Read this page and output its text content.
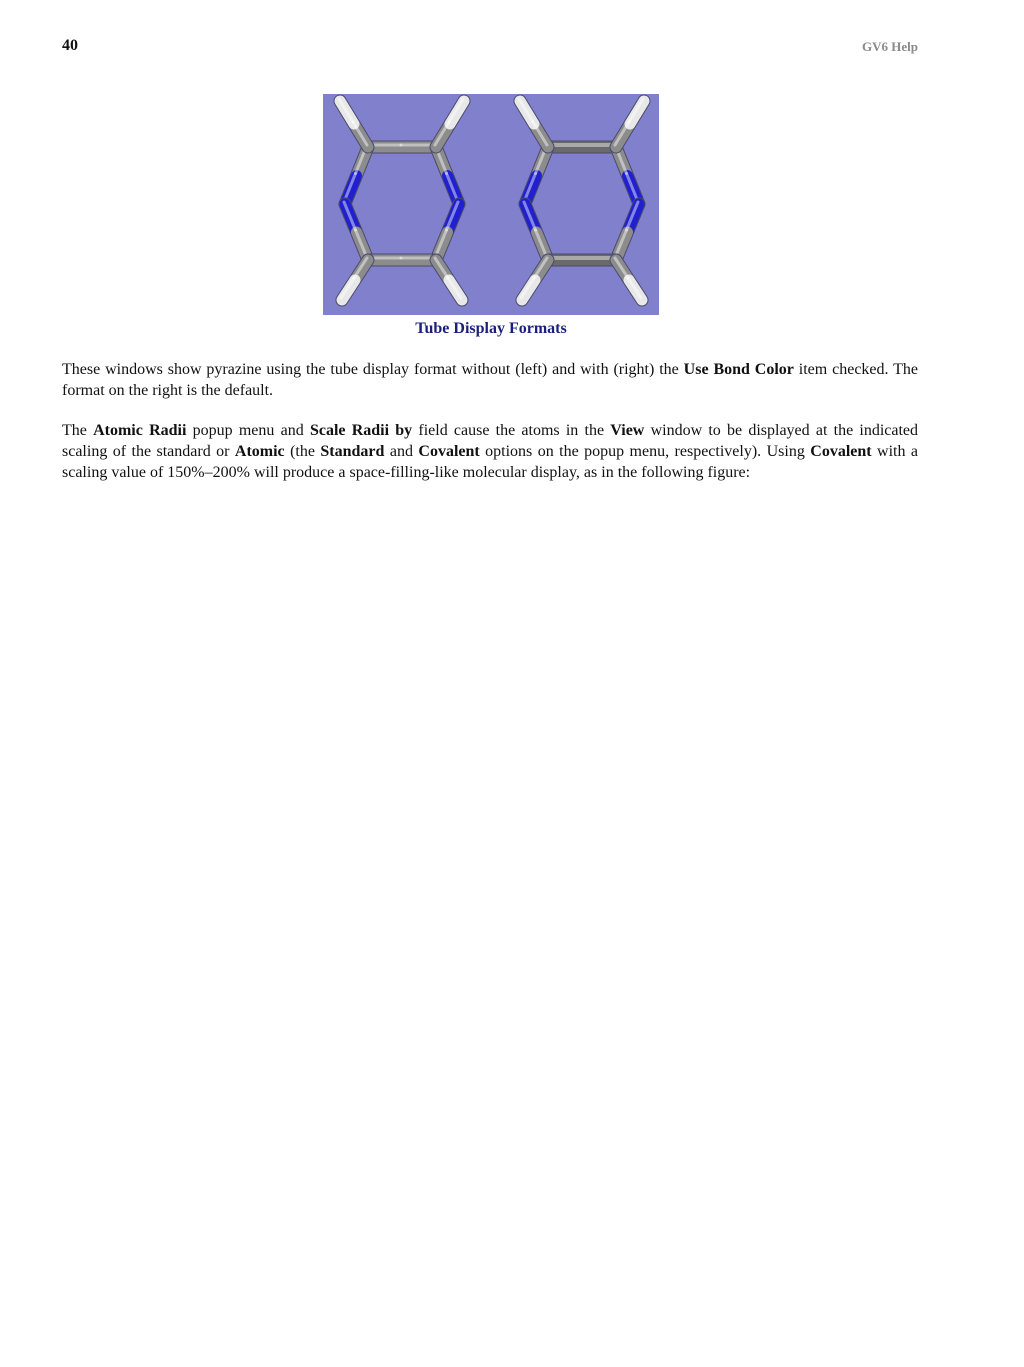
40	GV6 Help
Tube Display Formats

These windows show pyrazine using the tube display format without (left) and with (right) the Use Bond Color item checked. The format on the right is the default.

The Atomic Radii popup menu and Scale Radii by field cause the atoms in the View window to be displayed at the indicated scaling of the standard or Atomic (the Standard and Covalent options on the popup menu, respectively). Using Covalent with a scaling value of 150%–200% will produce a space-filling-like molecular display, as in the following figure:
